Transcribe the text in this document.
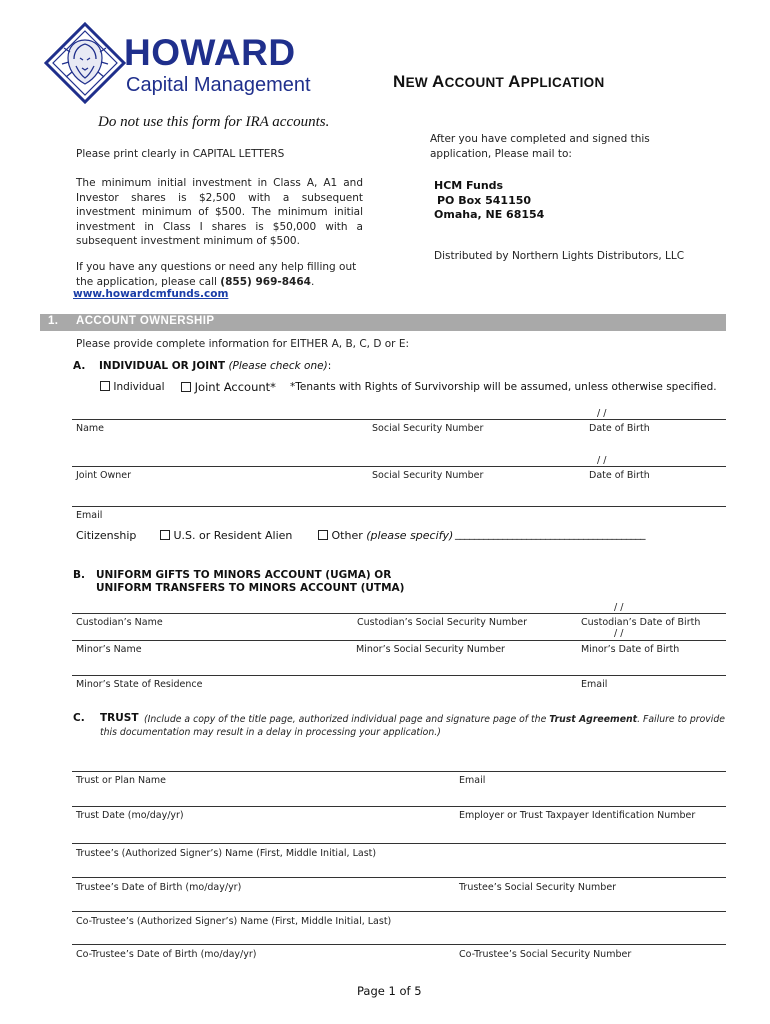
HOWARD
Capital Management	NEW ACCOUNT APPLICATION
Do not use this form for IRA accounts.
Please print clearly in CAPITAL LETTERS
The minimum initial investment in Class A, A1 and Investor shares is $2,500 with a subsequent investment minimum of $500. The minimum initial investment in Class I shares is $50,000 with a subsequent investment minimum of $500.
If you have any questions or need any help filling out the application, please call (855) 969-8464.
www.howardcmfunds.com
After you have completed and signed this application, Please mail to:
HCM Funds
PO Box 541150
Omaha, NE 68154
Distributed by Northern Lights Distributors, LLC
1. ACCOUNT OWNERSHIP
Please provide complete information for EITHER A, B, C, D or E:
A. INDIVIDUAL OR JOINT (Please check one):
Individual	Joint Account* *Tenants with Rights of Survivorship will be assumed, unless otherwise specified.
/ /
Name	Social Security Number	Date of Birth
/ /
Joint Owner	Social Security Number	Date of Birth
Email
Citizenship	U.S. or Resident Alien	Other (please specify) ________________________________________
B. UNIFORM GIFTS TO MINORS ACCOUNT (UGMA) OR
UNIFORM TRANSFERS TO MINORS ACCOUNT (UTMA)
/ /
Custodian’s Name	Custodian’s Social Security Number	Custodian’s Date of Birth
/ /
Minor’s Name	Minor’s Social Security Number	Minor’s Date of Birth
Minor’s State of Residence	Email
C. TRUST (Include a copy of the title page, authorized individual page and signature page of the Trust Agreement. Failure to provide this documentation may result in a delay in processing your application.)
Trust or Plan Name	Email
Trust Date (mo/day/yr)	Employer or Trust Taxpayer Identification Number
Trustee’s (Authorized Signer’s) Name (First, Middle Initial, Last)
Trustee’s Date of Birth (mo/day/yr)	Trustee’s Social Security Number
Co-Trustee’s (Authorized Signer’s) Name (First, Middle Initial, Last)
Co-Trustee’s Date of Birth (mo/day/yr)	Co-Trustee’s Social Security Number
Page 1 of 5
